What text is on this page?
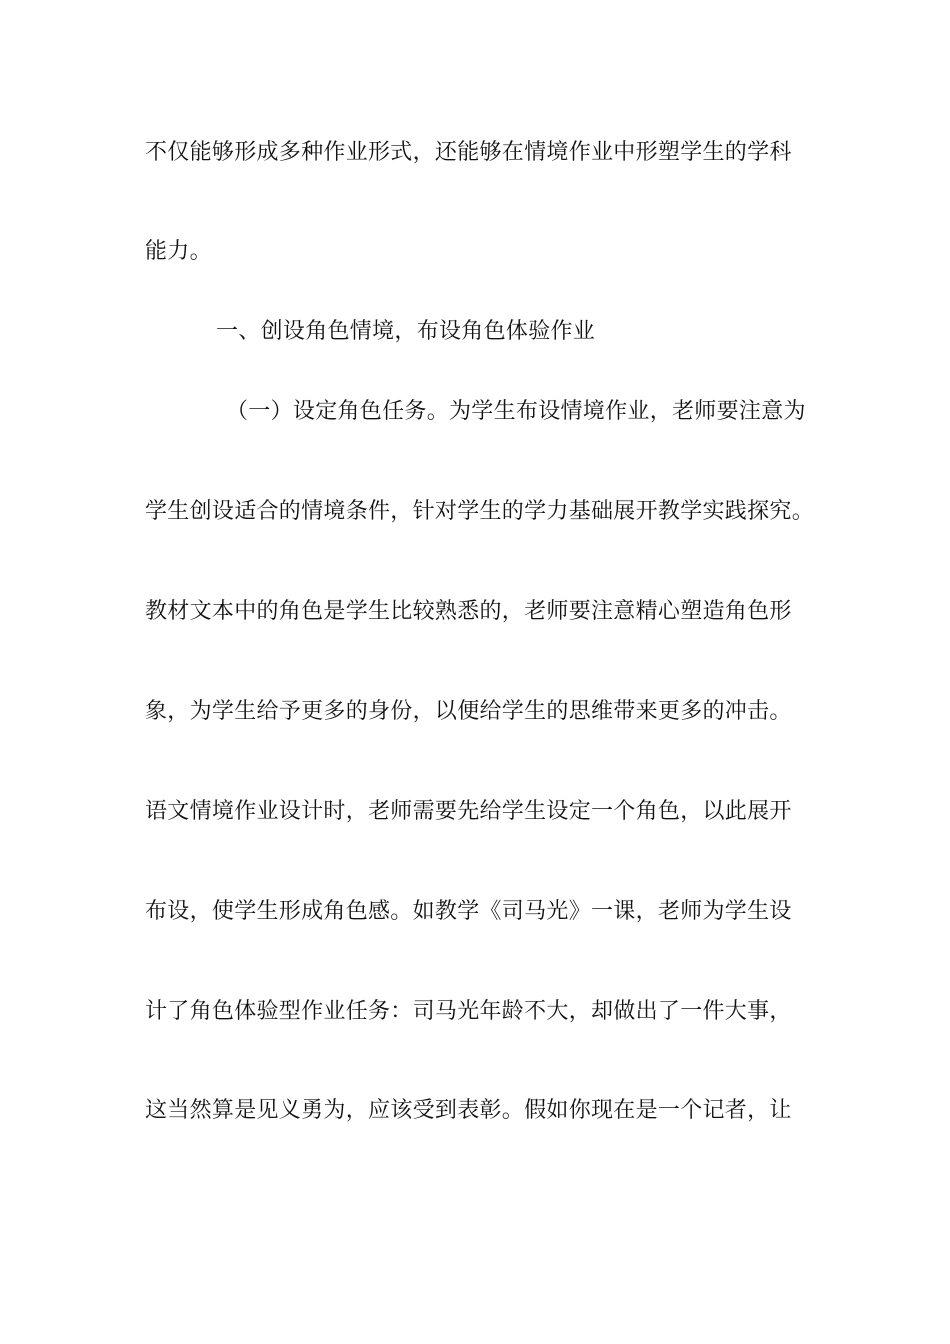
不仅能够形成多种作业形式，还能够在情境作业中形塑学生的学科
能力。
一、创设角色情境，布设角色体验作业
（一）设定角色任务。为学生布设情境作业，老师要注意为
学生创设适合的情境条件，针对学生的学力基础展开教学实践探究。
教材文本中的角色是学生比较熟悉的，老师要注意精心塑造角色形
象，为学生给予更多的身份，以便给学生的思维带来更多的冲击。
语文情境作业设计时，老师需要先给学生设定一个角色，以此展开
布设，使学生形成角色感。如教学《司马光》一课，老师为学生设
计了角色体验型作业任务：司马光年龄不大，却做出了一件大事，
这当然算是见义勇为，应该受到表彰。假如你现在是一个记者，让
